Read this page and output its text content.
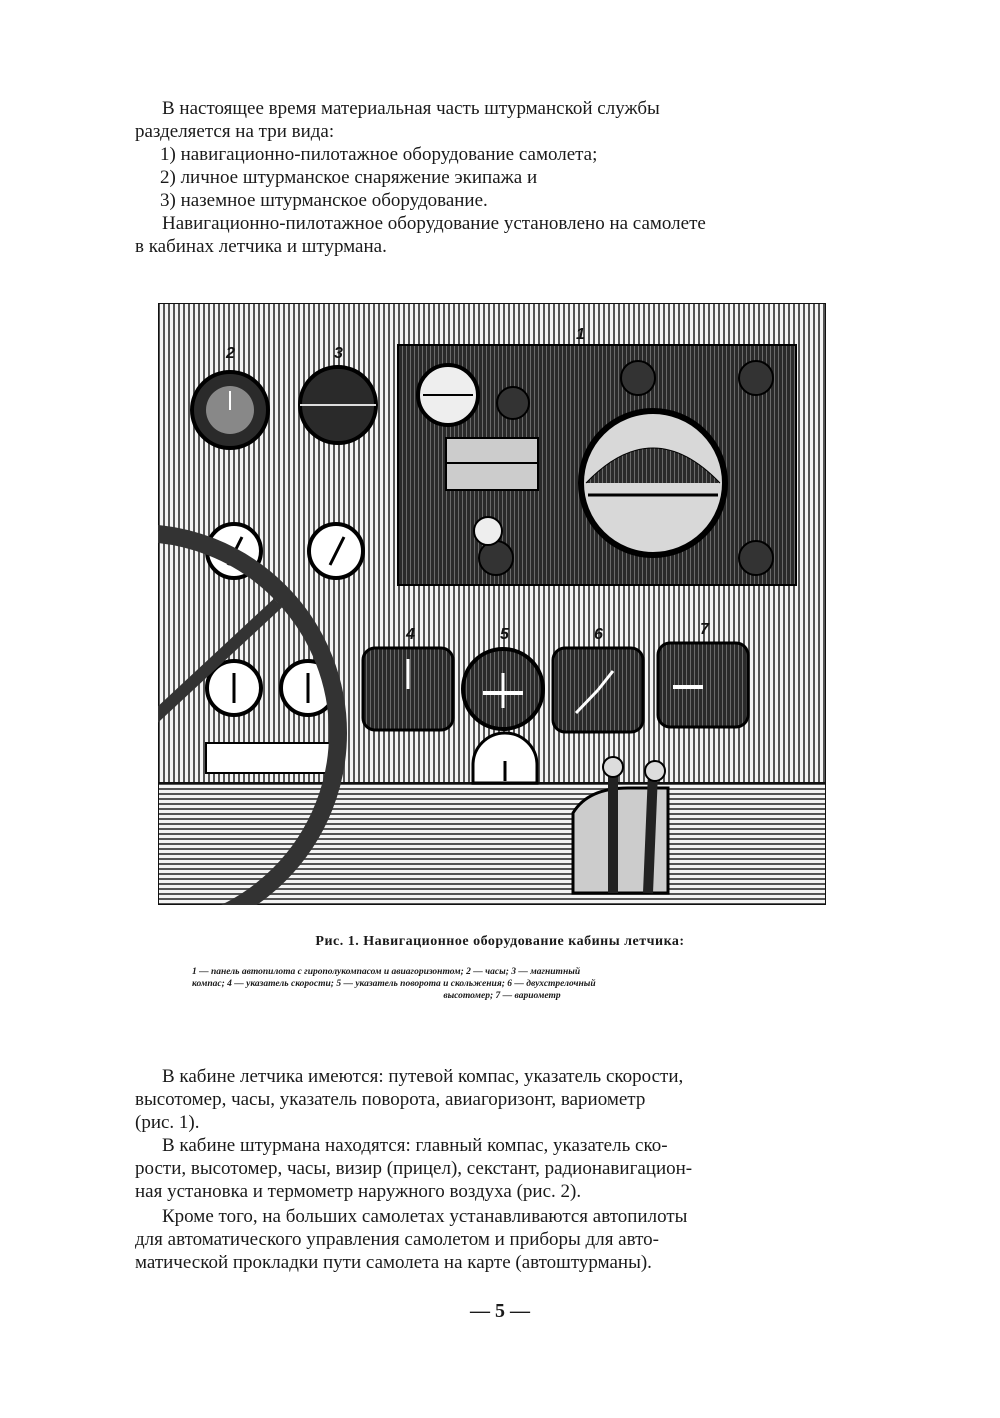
В настоящее время материальная часть штурманской службы
разделяется на три вида:
1) навигационно-пилотажное оборудование самолета;
2) личное штурманское снаряжение экипажа и
3) наземное штурманское оборудование.
Навигационно-пилотажное оборудование установлено на самолете
в кабинах летчика и штурмана.
1
2	3
4	5	6	7
Рис. 1. Навигационное оборудование кабины летчика:
1 — панель автопилота с гирополукомпасом и авиагоризонтом; 2 — часы; 3 — магнитный
компас; 4 — указатель скорости; 5 — указатель поворота и скольжения; 6 — двухстрелочный
высотомер; 7 — вариометр
В кабине летчика имеются: путевой компас, указатель скорости,
высотомер, часы, указатель поворота, авиагоризонт, вариометр
(рис. 1).
В кабине штурмана находятся: главный компас, указатель ско-
рости, высотомер, часы, визир (прицел), секстант, радионавигацион-
ная установка и термометр наружного воздуха (рис. 2).
Кроме того, на больших самолетах устанавливаются автопилоты
для автоматического управления самолетом и приборы для авто-
матической прокладки пути самолета на карте (автоштурманы).
— 5 —
